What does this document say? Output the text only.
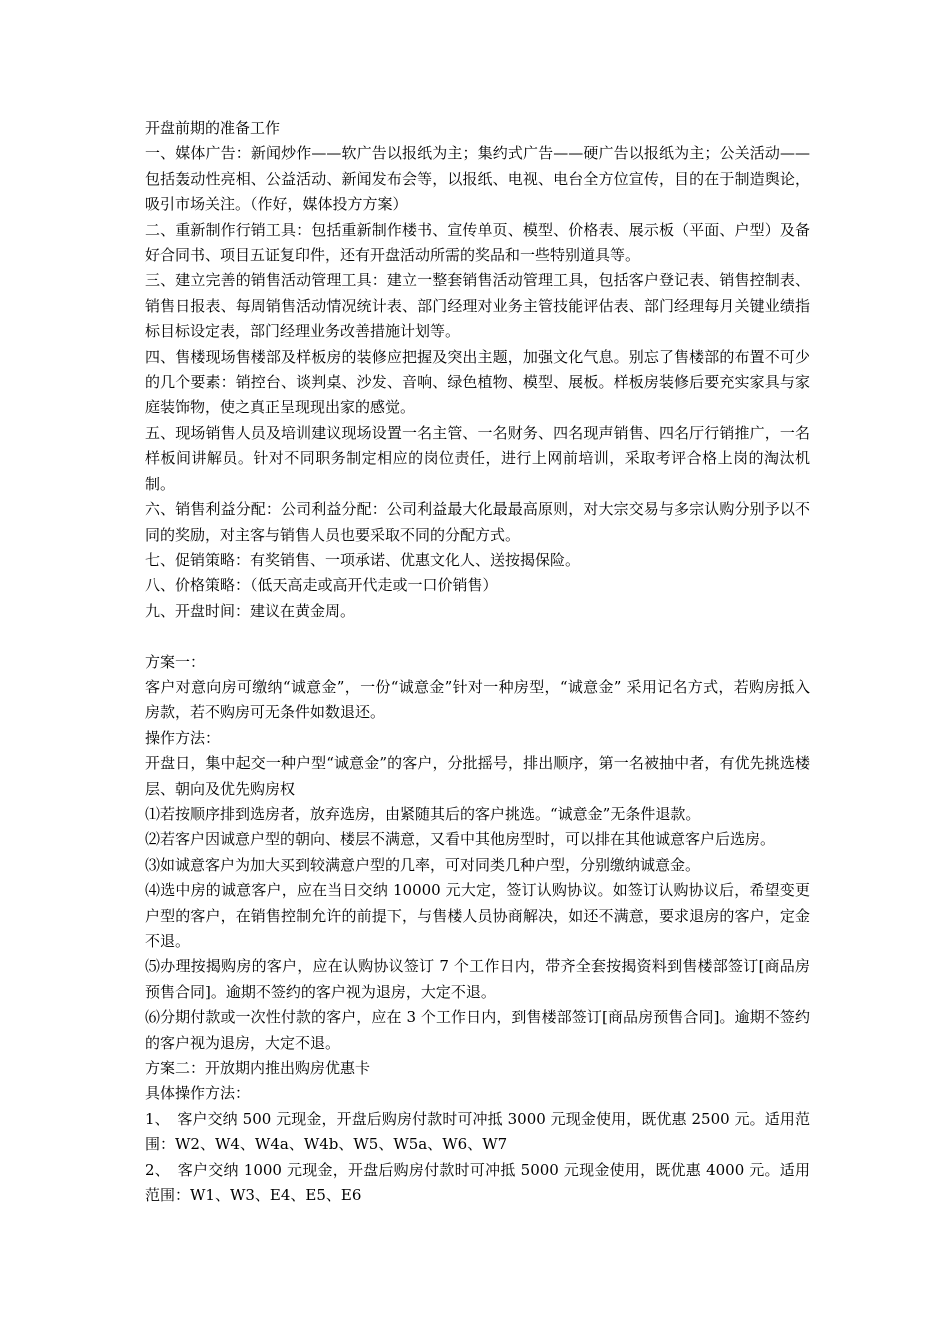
开盘前期的准备工作

一、媒体广告：新闻炒作——软广告以报纸为主；集约式广告——硬广告以报纸为主；公关活动——包括轰动性亮相、公益活动、新闻发布会等，以报纸、电视、电台全方位宣传，目的在于制造舆论，吸引市场关注。（作好，媒体投方方案）

二、重新制作行销工具：包括重新制作楼书、宣传单页、模型、价格表、展示板（平面、户型）及备好合同书、项目五证复印件，还有开盘活动所需的奖品和一些特别道具等。

三、建立完善的销售活动管理工具：建立一整套销售活动管理工具，包括客户登记表、销售控制表、销售日报表、每周销售活动情况统计表、部门经理对业务主管技能评估表、部门经理每月关键业绩指标目标设定表，部门经理业务改善措施计划等。

四、售楼现场售楼部及样板房的装修应把握及突出主题，加强文化气息。别忘了售楼部的布置不可少的几个要素：销控台、谈判桌、沙发、音响、绿色植物、模型、展板。样板房装修后要充实家具与家庭装饰物，使之真正呈现现出家的感觉。

五、现场销售人员及培训建议现场设置一名主管、一名财务、四名现声销售、四名厅行销推广，一名样板间讲解员。针对不同职务制定相应的岗位责任，进行上网前培训，采取考评合格上岗的淘汰机制。

六、销售利益分配：公司利益分配：公司利益最大化最最高原则，对大宗交易与多宗认购分别予以不同的奖励，对主客与销售人员也要采取不同的分配方式。

七、促销策略：有奖销售、一项承诺、优惠文化人、送按揭保险。

八、价格策略：（低天高走或高开代走或一口价销售）

九、开盘时间：建议在黄金周。

方案一：

客户对意向房可缴纳“诚意金”，一份“诚意金”针对一种房型，“诚意金” 采用记名方式，若购房抵入房款，若不购房可无条件如数退还。

操作方法：

开盘日，集中起交一种户型“诚意金”的客户，分批摇号，排出顺序，第一名被抽中者，有优先挑选楼层、朝向及优先购房权

⑴若按顺序排到选房者，放弃选房，由紧随其后的客户挑选。“诚意金”无条件退款。

⑵若客户因诚意户型的朝向、楼层不满意，又看中其他房型时，可以排在其他诚意客户后选房。

⑶如诚意客户为加大买到较满意户型的几率，可对同类几种户型，分别缴纳诚意金。

⑷选中房的诚意客户，应在当日交纳 10000 元大定，签订认购协议。如签订认购协议后，希望变更户型的客户，在销售控制允许的前提下，与售楼人员协商解决，如还不满意，要求退房的客户，定金不退。

⑸办理按揭购房的客户，应在认购协议签订 7 个工作日内，带齐全套按揭资料到售楼部签订[商品房预售合同]。逾期不签约的客户视为退房，大定不退。

⑹分期付款或一次性付款的客户，应在 3 个工作日内，到售楼部签订[商品房预售合同]。逾期不签约的客户视为退房，大定不退。

方案二：开放期内推出购房优惠卡

具体操作方法：

1、　客户交纳 500 元现金，开盘后购房付款时可冲抵 3000 元现金使用，既优惠 2500 元。适用范围：W2、W4、W4a、W4b、W5、W5a、W6、W7

2、　客户交纳 1000 元现金，开盘后购房付款时可冲抵 5000 元现金使用，既优惠 4000 元。适用范围：W1、W3、E4、E5、E6
